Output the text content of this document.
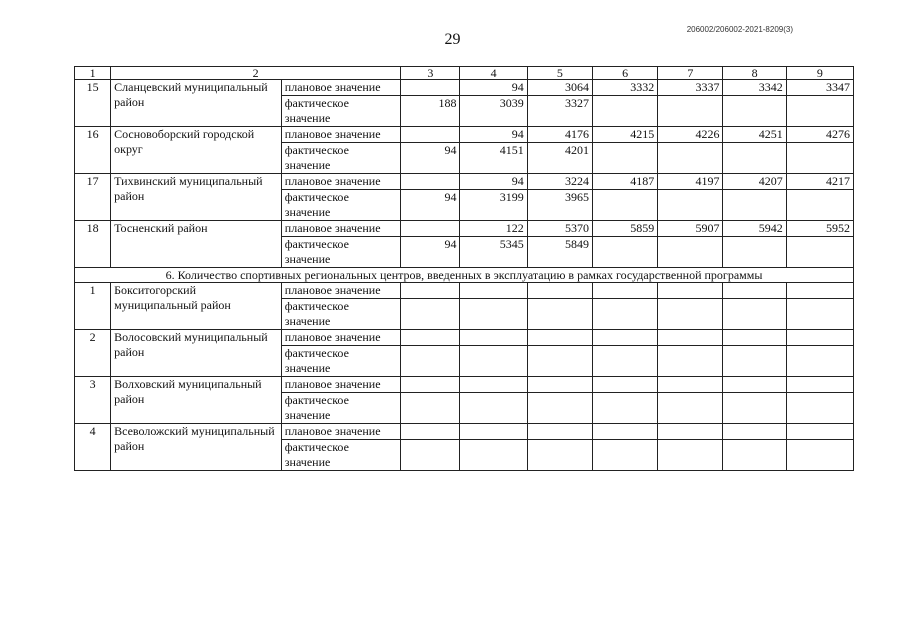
29
206002/206002-2021-8209(3)
1	2		3	4	5	6	7	8	9
15	Сланцевский муниципальный район	плановое значение		94	3064	3332	3337	3342	3347
		фактическое значение	188	3039	3327				
16	Сосновоборский городской округ	плановое значение		94	4176	4215	4226	4251	4276
		фактическое значение	94	4151	4201				
17	Тихвинский муниципальный район	плановое значение		94	3224	4187	4197	4207	4217
		фактическое значение	94	3199	3965				
18	Тосненский район	плановое значение		122	5370	5859	5907	5942	5952
		фактическое значение	94	5345	5849				
6. Количество спортивных региональных центров, введенных в эксплуатацию в рамках государственной программы									
1	Бокситогорский муниципальный район	плановое значение							
		фактическое значение							
2	Волосовский муниципальный район	плановое значение							
		фактическое значение							
3	Волховский муниципальный район	плановое значение							
		фактическое значение							
4	Всеволожский муниципальный район	плановое значение							
		фактическое значение							
